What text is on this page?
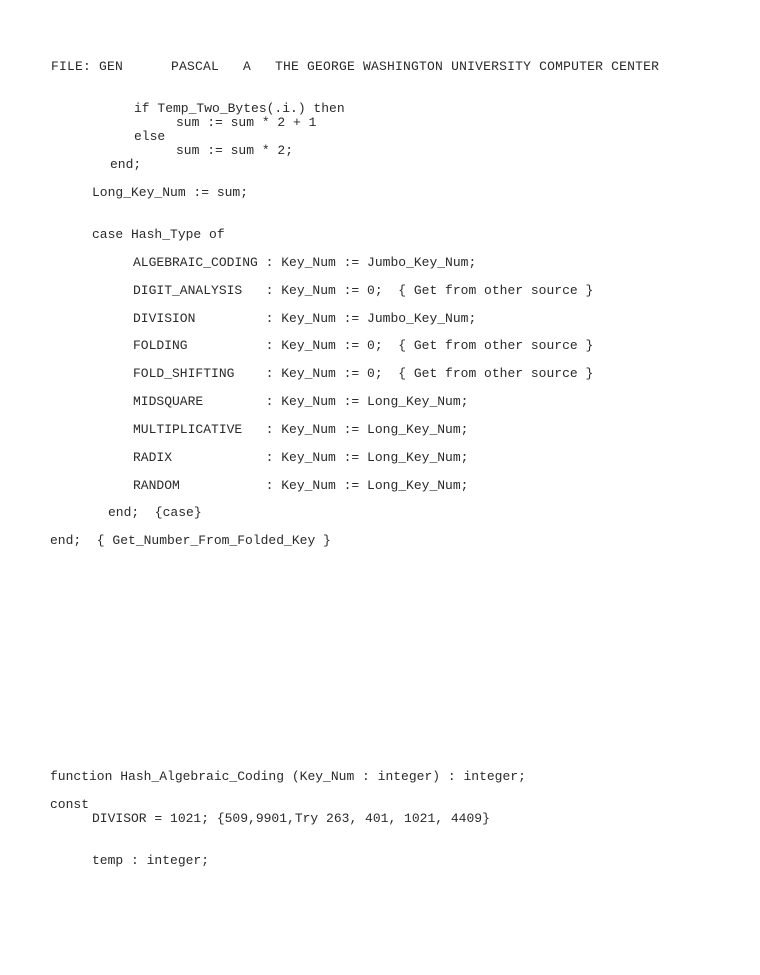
FILE: GEN      PASCAL   A   THE GEORGE WASHINGTON UNIVERSITY COMPUTER CENTER
if Temp_Two_Bytes(.i.) then
sum := sum * 2 + 1
else
sum := sum * 2;
end;
Long_Key_Num := sum;
case Hash_Type of
ALGEBRAIC_CODING : Key_Num := Jumbo_Key_Num;
DIGIT_ANALYSIS   : Key_Num := 0;  { Get from other source }
DIVISION         : Key_Num := Jumbo_Key_Num;
FOLDING          : Key_Num := 0;  { Get from other source }
FOLD_SHIFTING    : Key_Num := 0;  { Get from other source }
MIDSQUARE        : Key_Num := Long_Key_Num;
MULTIPLICATIVE   : Key_Num := Long_Key_Num;
RADIX            : Key_Num := Long_Key_Num;
RANDOM           : Key_Num := Long_Key_Num;
end;  {case}
end;  { Get_Number_From_Folded_Key }
function Hash_Algebraic_Coding (Key_Num : integer) : integer;
const
DIVISOR = 1021; {509,9901,Try 263, 401, 1021, 4409}
temp : integer;
